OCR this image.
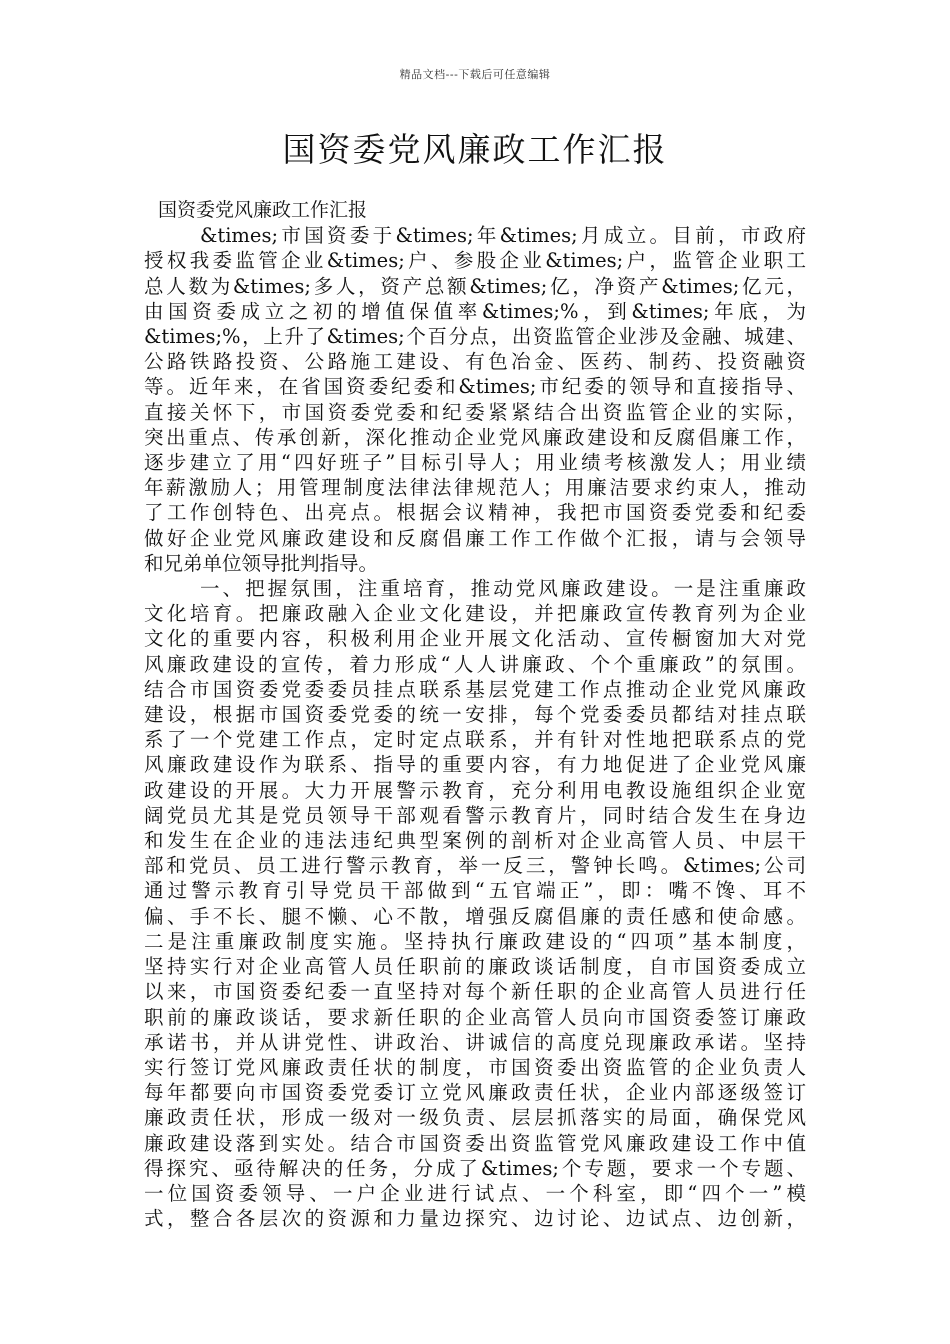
精品文档---下载后可任意编辑
国资委党风廉政工作汇报

国资委党风廉政工作汇报

&times;市国资委于&times;年&times;月成立。目前，市政府

授权我委监管企业&times;户、参股企业&times;户，监管企业职工

总人数为&times;多人，资产总额&times;亿，净资产&times;亿元，

由国资委成立之初的增值保值率&times;%，到&times;年底，为

&times;%，上升了&times;个百分点，出资监管企业涉及金融、城建、

公路铁路投资、公路施工建设、有色冶金、医药、制药、投资融资

等。近年来，在省国资委纪委和&times;市纪委的领导和直接指导、

直接关怀下，市国资委党委和纪委紧紧结合出资监管企业的实际，

突出重点、传承创新，深化推动企业党风廉政建设和反腐倡廉工作，

逐步建立了用“四好班子”目标引导人；用业绩考核激发人；用业绩

年薪激励人；用管理制度法律法律规范人；用廉洁要求约束人，推动

了工作创特色、出亮点。根据会议精神，我把市国资委党委和纪委

做好企业党风廉政建设和反腐倡廉工作工作做个汇报，请与会领导

和兄弟单位领导批判指导。

一、把握氛围，注重培育，推动党风廉政建设。一是注重廉政

文化培育。把廉政融入企业文化建设，并把廉政宣传教育列为企业

文化的重要内容，积极利用企业开展文化活动、宣传橱窗加大对党

风廉政建设的宣传，着力形成“人人讲廉政、个个重廉政”的氛围。

结合市国资委党委委员挂点联系基层党建工作点推动企业党风廉政

建设，根据市国资委党委的统一安排，每个党委委员都结对挂点联

系了一个党建工作点，定时定点联系，并有针对性地把联系点的党

风廉政建设作为联系、指导的重要内容，有力地促进了企业党风廉

政建设的开展。大力开展警示教育，充分利用电教设施组织企业宽

阔党员尤其是党员领导干部观看警示教育片，同时结合发生在身边

和发生在企业的违法违纪典型案例的剖析对企业高管人员、中层干

部和党员、员工进行警示教育，举一反三，警钟长鸣。&times;公司

通过警示教育引导党员干部做到“五官端正”，即：嘴不馋、耳不

偏、手不长、腿不懒、心不散，增强反腐倡廉的责任感和使命感。

二是注重廉政制度实施。坚持执行廉政建设的“四项”基本制度，

坚持实行对企业高管人员任职前的廉政谈话制度，自市国资委成立

以来，市国资委纪委一直坚持对每个新任职的企业高管人员进行任

职前的廉政谈话，要求新任职的企业高管人员向市国资委签订廉政

承诺书，并从讲党性、讲政治、讲诚信的高度兑现廉政承诺。坚持

实行签订党风廉政责任状的制度，市国资委出资监管的企业负责人

每年都要向市国资委党委订立党风廉政责任状，企业内部逐级签订

廉政责任状，形成一级对一级负责、层层抓落实的局面，确保党风

廉政建设落到实处。结合市国资委出资监管党风廉政建设工作中值

得探究、亟待解决的任务，分成了&times;个专题，要求一个专题、

一位国资委领导、一户企业进行试点、一个科室，即“四个一”模

式，整合各层次的资源和力量边探究、边讨论、边试点、边创新，
